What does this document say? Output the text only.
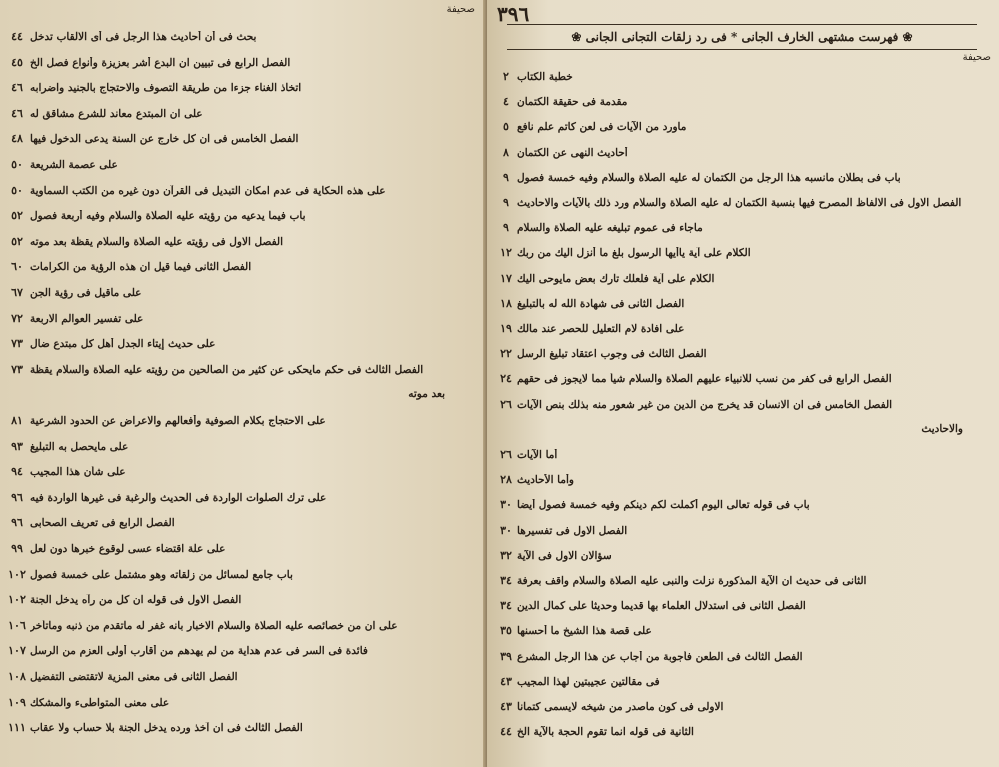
صحيفة
٤٤ بحث فى أن أحاديث هذا الرجل فى أى الالقاب تدخل
٤٥ الفصل الرابع فى تبيين ان البدع أشر بعزيزة وأنواع فصل الخ
٤٦ اتخاذ الغناء جزءا من طريقة التصوف والاحتجاج بالجنيد واضرابه
٤٦ على ان المبتدع معاند للشرع مشاقق له
٤٨ الفصل الخامس فى ان كل خارج عن السنة يدعى الدخول فيها
٥٠ على عصمة الشريعة
٥٠ على هذه الحكاية فى عدم امكان التبديل فى القرآن دون غيره من الكتب السماوية
٥٢ باب فيما يدعيه من رؤيته عليه الصلاة والسلام وفيه أربعة فصول
٥٢ الفصل الاول فى رؤيته عليه الصلاة والسلام يقظة بعد موته
٦٠ الفصل الثانى فيما قيل ان هذه الرؤية من الكرامات
٦٧ على ماقيل فى رؤية الجن
٧٢ على تفسير العوالم الاربعة
٧٣ على حديث إيتاء الجدل أهل كل مبتدع ضال
٧٣ الفصل الثالث فى حكم مايحكى عن كثير من الصالحين من رؤيته عليه الصلاة والسلام يقظة
بعد موته
٨١ على الاحتجاج بكلام الصوفية وأفعالهم والاعراض عن الحدود الشرعية
٩٣ على مايحصل به التبليغ
٩٤ على شأن هذا المجيب
٩٦ على ترك الصلوات الواردة فى الحديث والرغبة فى غيرها الواردة فيه
٩٦ الفصل الرابع فى تعريف الصحابى
٩٩ على علة اقتضاء عسى لوقوع خبرها دون لعل
١٠٢ باب جامع لمسائل من زلقاته وهو مشتمل على خمسة فصول
١٠٢ الفصل الاول فى قوله ان كل من رآه يدخل الجنة
١٠٦ على ان من خصائصه عليه الصلاة والسلام الاخبار بانه غفر له ماتقدم من ذنبه وماتأخر
١٠٧ فائدة فى السر فى عدم هداية من لم يهدهم من أقارب أولى العزم من الرسل
١٠٨ الفصل الثانى فى معنى المزية لاتقتضى التفضيل
١٠٩ على معنى المتواطىء والمشكك
١١١ الفصل الثالث فى ان آخذ ورده يدخل الجنة بلا حساب ولا عقاب
٣٩٦
❀ فهرست مشتهى الخارف الجانى * فى رد زلقات التجانى الجانى ❀
صحيفة
٢ خطبة الكتاب
٤ مقدمة فى حقيقة الكتمان
٥ ماورد من الآيات فى لعن كاتم علم نافع
٨ أحاديث النهى عن الكتمان
٩ باب فى بطلان مانسبه هذا الرجل من الكتمان له عليه الصلاة والسلام وفيه خمسة فصول
٩ الفصل الاول فى الالفاظ المصرح فيها بنسبة الكتمان له عليه الصلاة والسلام ورد ذلك بالآيات والاحاديث
٩ ماجاء فى عموم تبليغه عليه الصلاة والسلام
١٢ الكلام على آية ياأيها الرسول بلغ ما أنزل اليك من ربك
١٧ الكلام على آية فلعلك تارك بعض مايوحى اليك
١٨ الفصل الثانى فى شهادة الله له بالتبليغ
١٩ على افادة لام التعليل للحصر عند مالك
٢٢ الفصل الثالث فى وجوب اعتقاد تبليغ الرسل
٢٤ الفصل الرابع فى كفر من نسب للانبياء عليهم الصلاة والسلام شيأ مما لايجوز فى حقهم
٢٦ الفصل الخامس فى ان الانسان قد يخرج من الدين من غير شعور منه بذلك بنص الآيات
والاحاديث
٢٦ أما الآيات
٢٨ وأما الأحاديث
٣٠ باب فى قوله تعالى اليوم أكملت لكم دينكم وفيه خمسة فصول أيضا
٣٠ الفصل الاول فى تفسيرها
٣٢ سؤالان الاول فى الآية
٣٤ الثانى فى حديث ان الآية المذكورة نزلت والنبى عليه الصلاة والسلام واقف بعرفة
٣٤ الفصل الثانى فى استدلال العلماء بها قديما وحديثا على كمال الدين
٣٥ على قصة هذا الشيخ ما أحسنها
٣٩ الفصل الثالث فى الطعن فأجوبة من أجاب عن هذا الرجل المشرع
٤٣ فى مقالتين عجيبتين لهذا المجيب
٤٣ الاولى فى كون ماصدر من شيخه لايسمى كتمانا
٤٤ الثانية فى قوله انما تقوم الحجة بالآية الخ
